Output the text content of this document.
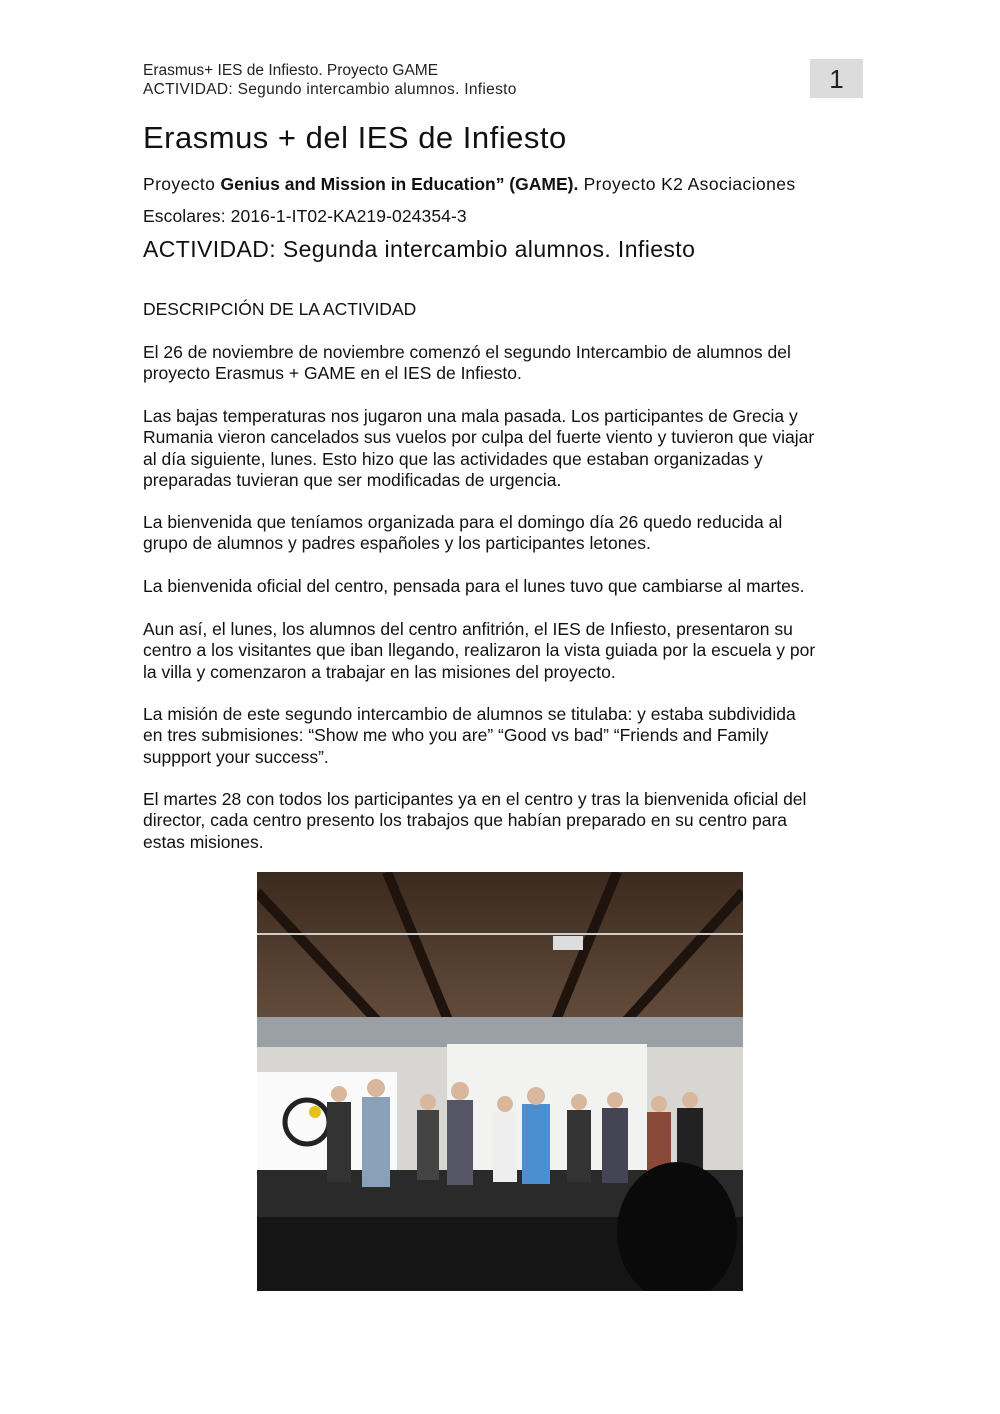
Erasmus+ IES de Infiesto. Proyecto GAME
ACTIVIDAD: Segundo intercambio alumnos. Infiesto	1
Erasmus + del IES de Infiesto
Proyecto Genius and Mission in Education” (GAME). Proyecto K2 Asociaciones
Escolares: 2016-1-IT02-KA219-024354-3
ACTIVIDAD: Segunda intercambio alumnos. Infiesto
DESCRIPCIÓN DE LA ACTIVIDAD
El 26 de noviembre de noviembre comenzó el segundo Intercambio de alumnos del
proyecto Erasmus + GAME en el IES de Infiesto.
Las bajas temperaturas nos jugaron una mala pasada. Los participantes de Grecia y
Rumania vieron cancelados sus vuelos por culpa del fuerte viento y tuvieron que viajar
al día siguiente, lunes. Esto hizo que las actividades que estaban organizadas y
preparadas tuvieran que ser modificadas de urgencia.
La bienvenida que teníamos organizada para el domingo día 26 quedo reducida al
grupo de alumnos y padres españoles y los participantes letones.
La bienvenida oficial del centro, pensada para el lunes tuvo que cambiarse al martes.
Aun así, el lunes, los alumnos del centro anfitrión, el IES de Infiesto, presentaron su
centro a los visitantes que iban llegando, realizaron la vista guiada por la escuela y por
la villa y comenzaron a trabajar en las misiones del proyecto.
La misión de este segundo intercambio de alumnos se titulaba: y estaba subdividida
en tres submisiones: “Show me who you are” “Good vs bad” “Friends and Family
suppport your success”.
El martes 28 con todos los participantes ya en el centro y tras la bienvenida oficial del
director, cada centro presento los trabajos que habían preparado en su centro para
estas misiones.
